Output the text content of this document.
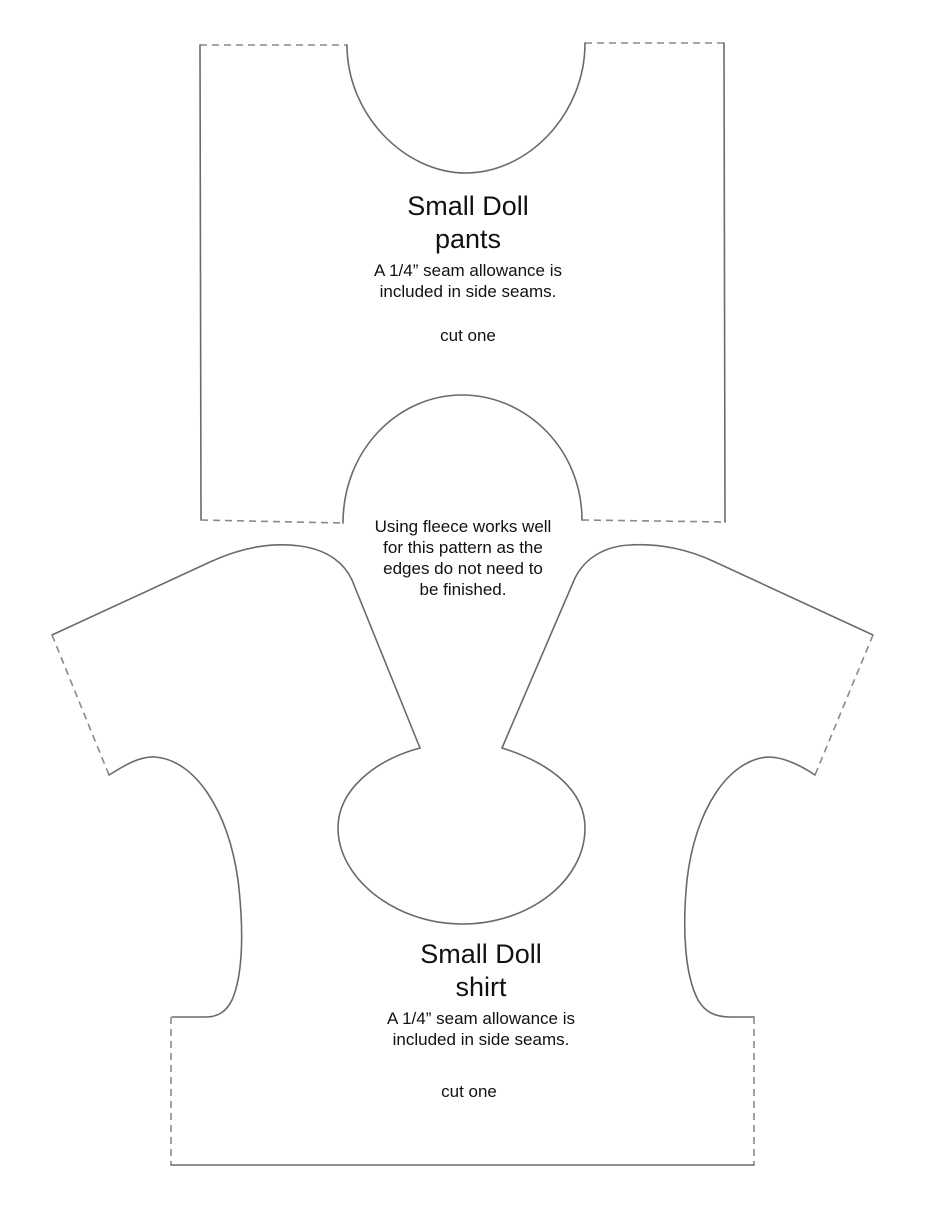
Small Doll
pants
A 1/4” seam allowance is
included in side seams.
cut one
Using fleece works well
for this pattern as the
edges do not need to
be finished.
Small Doll
shirt
A 1/4” seam allowance is
included in side seams.
cut one
